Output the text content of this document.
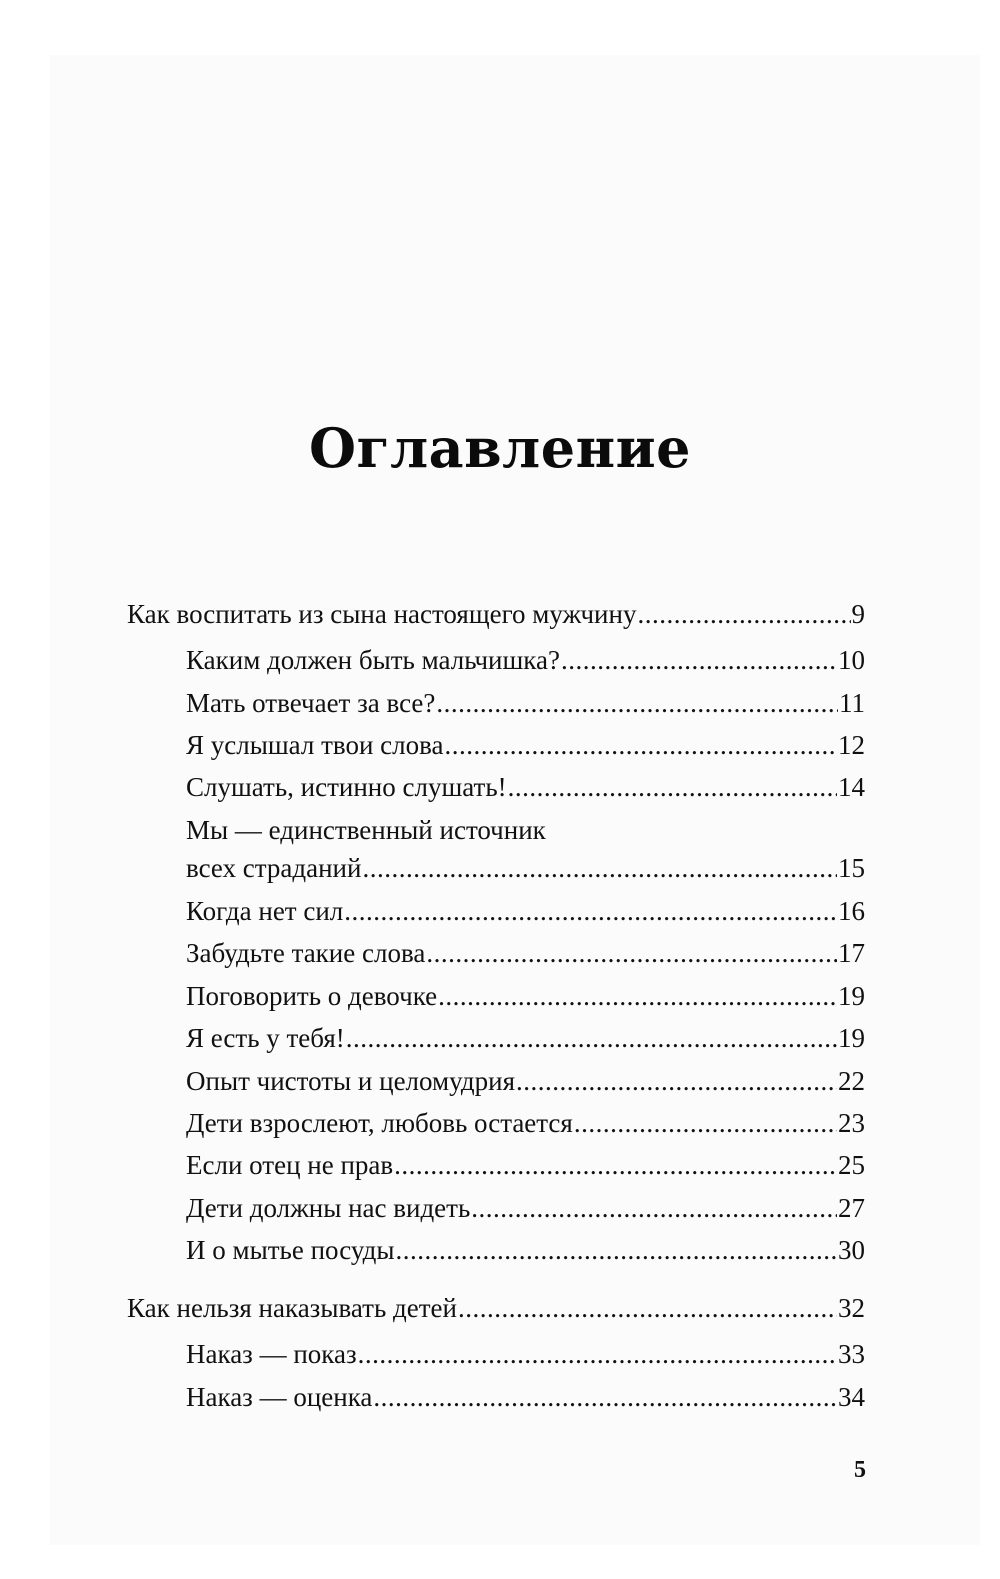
Оглавление
Как воспитать из сына настоящего мужчину .....	9
Каким должен быть мальчишка? .....	10
Мать отвечает за все? .....	11
Я услышал твои слова .....	12
Слушать, истинно слушать! .....	14
Мы — единственный источник
всех страданий .....	15
Когда нет сил .....	16
Забудьте такие слова .....	17
Поговорить о девочке .....	19
Я есть у тебя! .....	19
Опыт чистоты и целомудрия .....	22
Дети взрослеют, любовь остается .....	23
Если отец не прав .....	25
Дети должны нас видеть .....	27
И о мытье посуды .....	30
Как нельзя наказывать детей .....	32
Наказ — показ .....	33
Наказ — оценка .....	34
5
